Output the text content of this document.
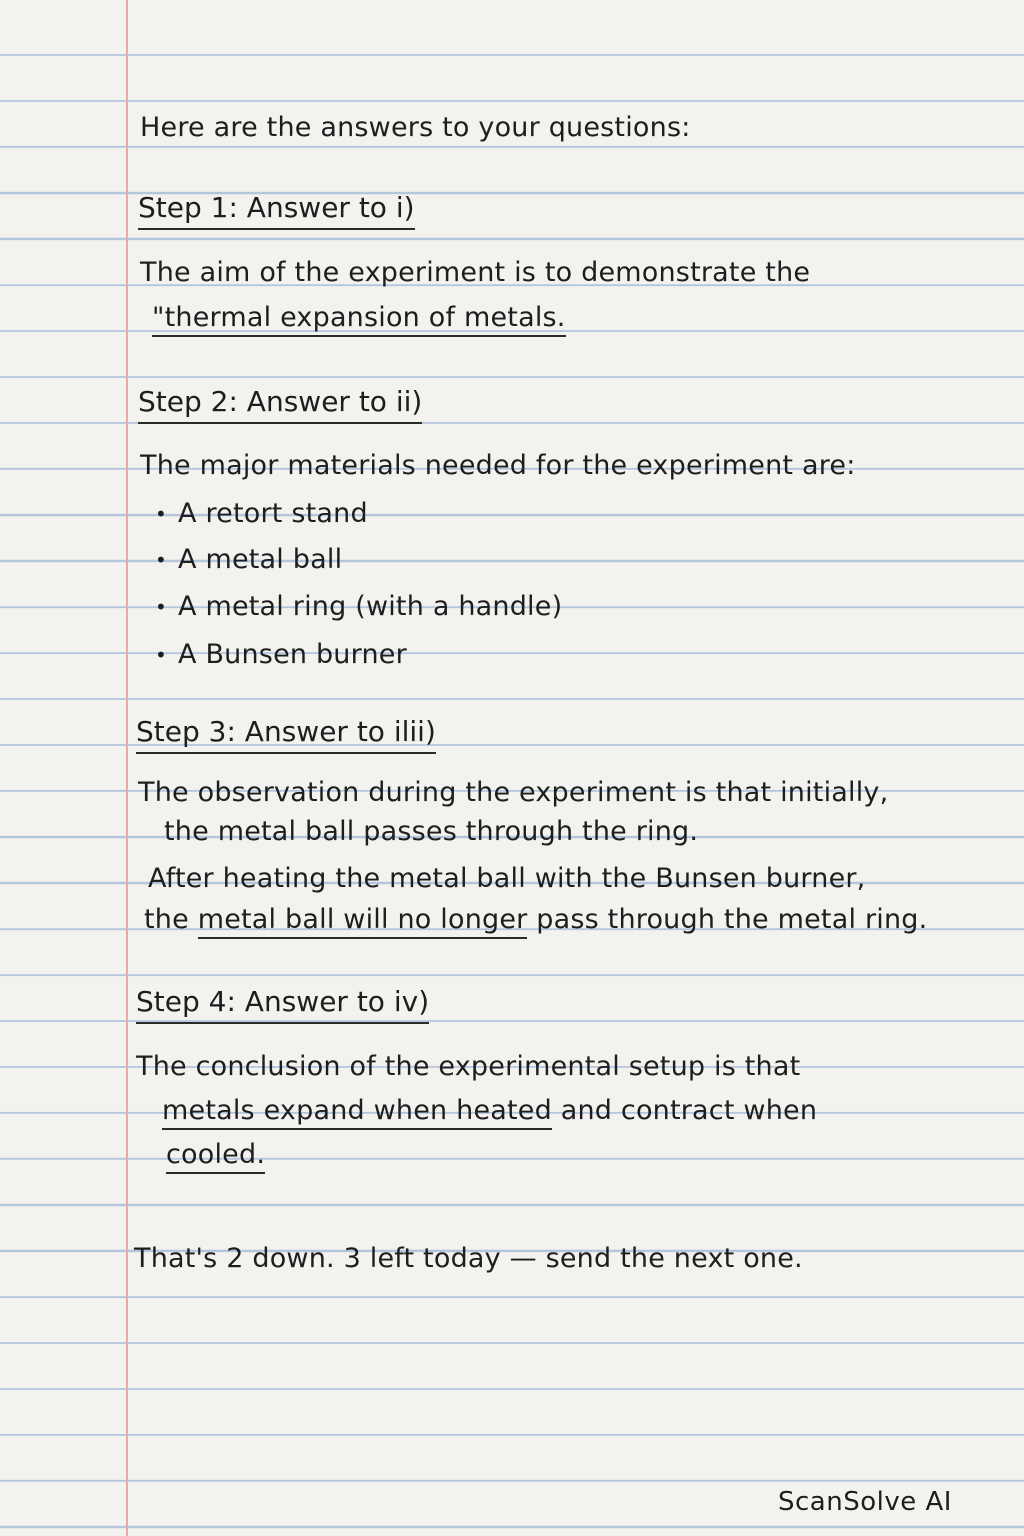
Here are the answers to your questions:
Step 1: Answer to i)
The aim of the experiment is to demonstrate the
"thermal expansion of metals.
Step 2: Answer to ii)
The major materials needed for the experiment are:
• A retort stand
• A metal ball
• A metal ring (with a handle)
• A Bunsen burner
Step 3: Answer to ilii)
The observation during the experiment is that initially,
the metal ball passes through the ring.
After heating the metal ball with the Bunsen burner,
the metal ball will no longer pass through the metal ring.
Step 4: Answer to iv)
The conclusion of the experimental setup is that
metals expand when heated and contract when
cooled.
That's 2 down. 3 left today — send the next one.
ScanSolve AI
